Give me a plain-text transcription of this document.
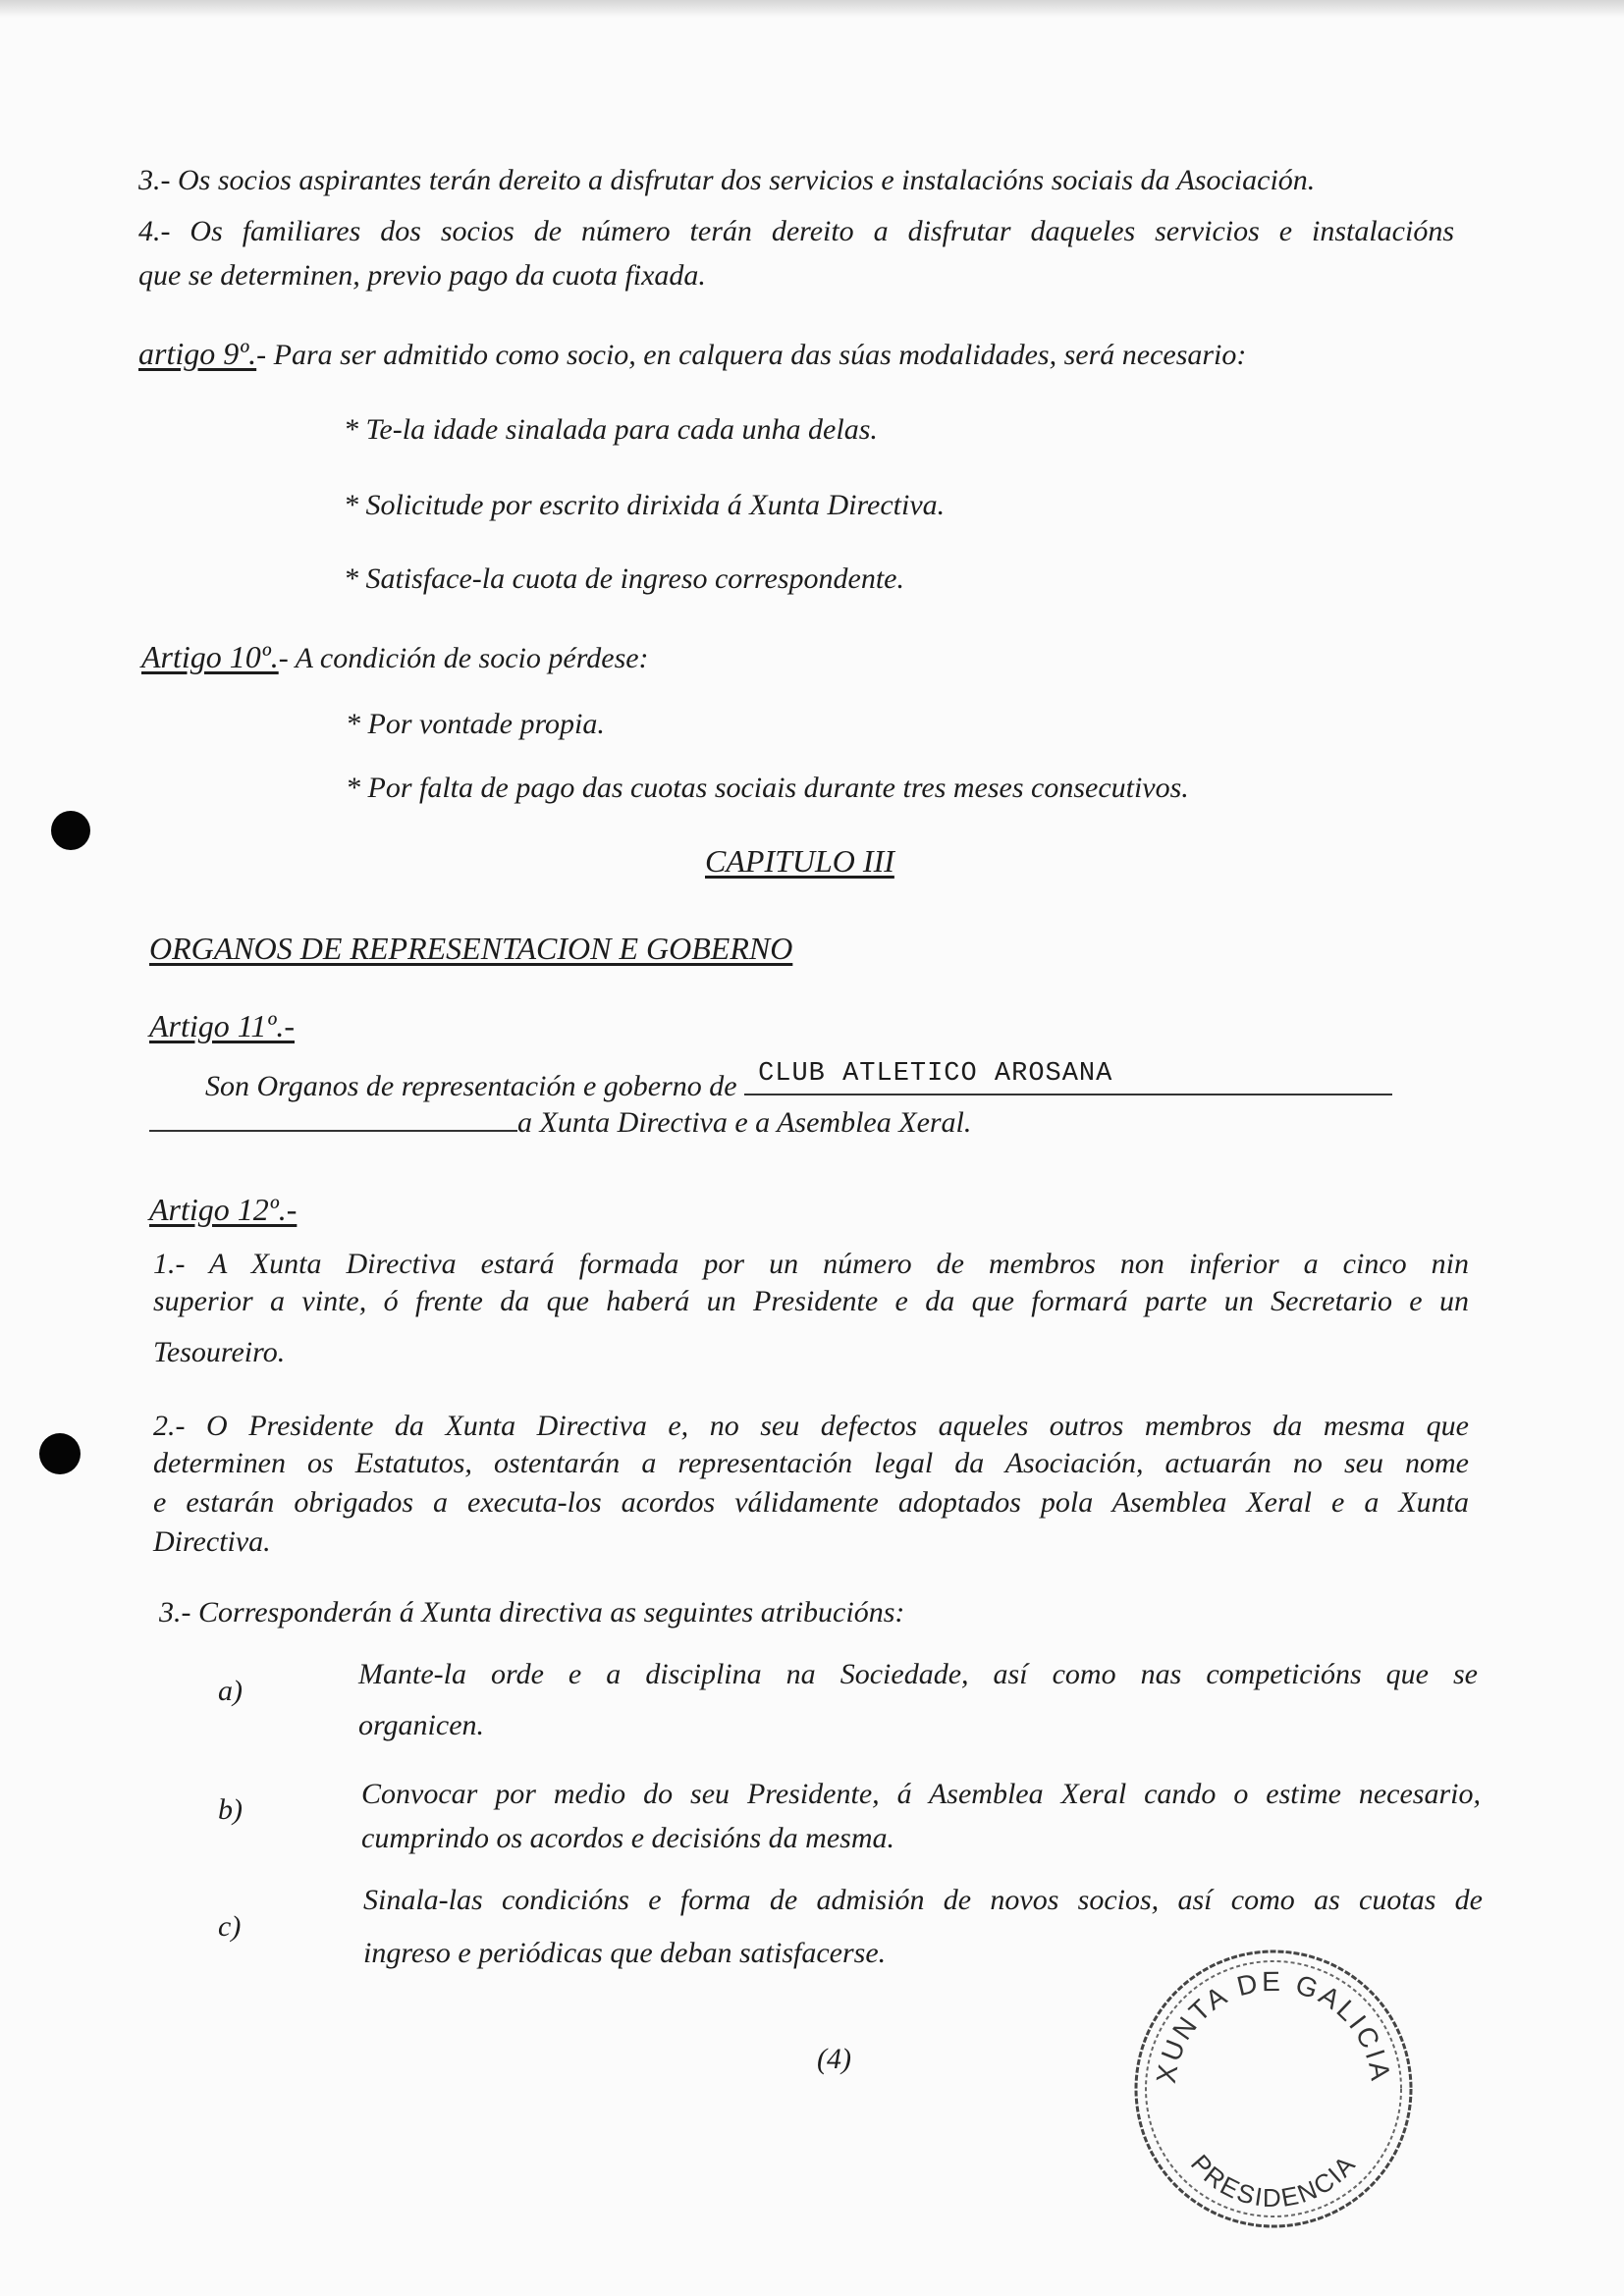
3.- Os socios aspirantes terán dereito a disfrutar dos servicios e instalacións sociais da Asociación.
4.- Os familiares dos socios de número terán dereito a disfrutar daqueles servicios e instalacións
que se determinen, previo pago da cuota fixada.
artigo 9º.- Para ser admitido como socio, en calquera das súas modalidades, será necesario:
* Te-la idade sinalada para cada unha delas.
* Solicitude por escrito dirixida á Xunta Directiva.
* Satisface-la cuota de ingreso correspondente.
Artigo 10º.- A condición de socio pérdese:
* Por vontade propia.
* Por falta de pago das cuotas sociais durante tres meses consecutivos.
CAPITULO III
ORGANOS DE REPRESENTACION E GOBERNO
Artigo 11º.-
Son Organos de representación e goberno de CLUB ATLETICO AROSANA
a Xunta Directiva e a Asemblea Xeral.
Artigo 12º.-
1.- A Xunta Directiva estará formada por un número de membros non inferior a cinco nin
superior a vinte, ó frente da que haberá un Presidente e da que formará parte un Secretario e un
Tesoureiro.
2.- O Presidente da Xunta Directiva e, no seu defectos aqueles outros membros da mesma que
determinen os Estatutos, ostentarán a representación legal da Asociación, actuarán no seu nome
e estarán obrigados a executa-los acordos válidamente adoptados pola Asemblea Xeral e a Xunta
Directiva.
3.- Corresponderán á Xunta directiva as seguintes atribucións:
a)
Mante-la orde e a disciplina na Sociedade, así como nas competicións que se
organicen.
b)	Convocar por medio do seu Presidente, á Asemblea Xeral cando o estime necesario,
cumprindo os acordos e decisións da mesma.
c)
Sinala-las condicións e forma de admisión de novos socios, así como as cuotas de
ingreso e periódicas que deban satisfacerse.
(4)	XUNTA DE GALICIA
PRESIDENCIA
